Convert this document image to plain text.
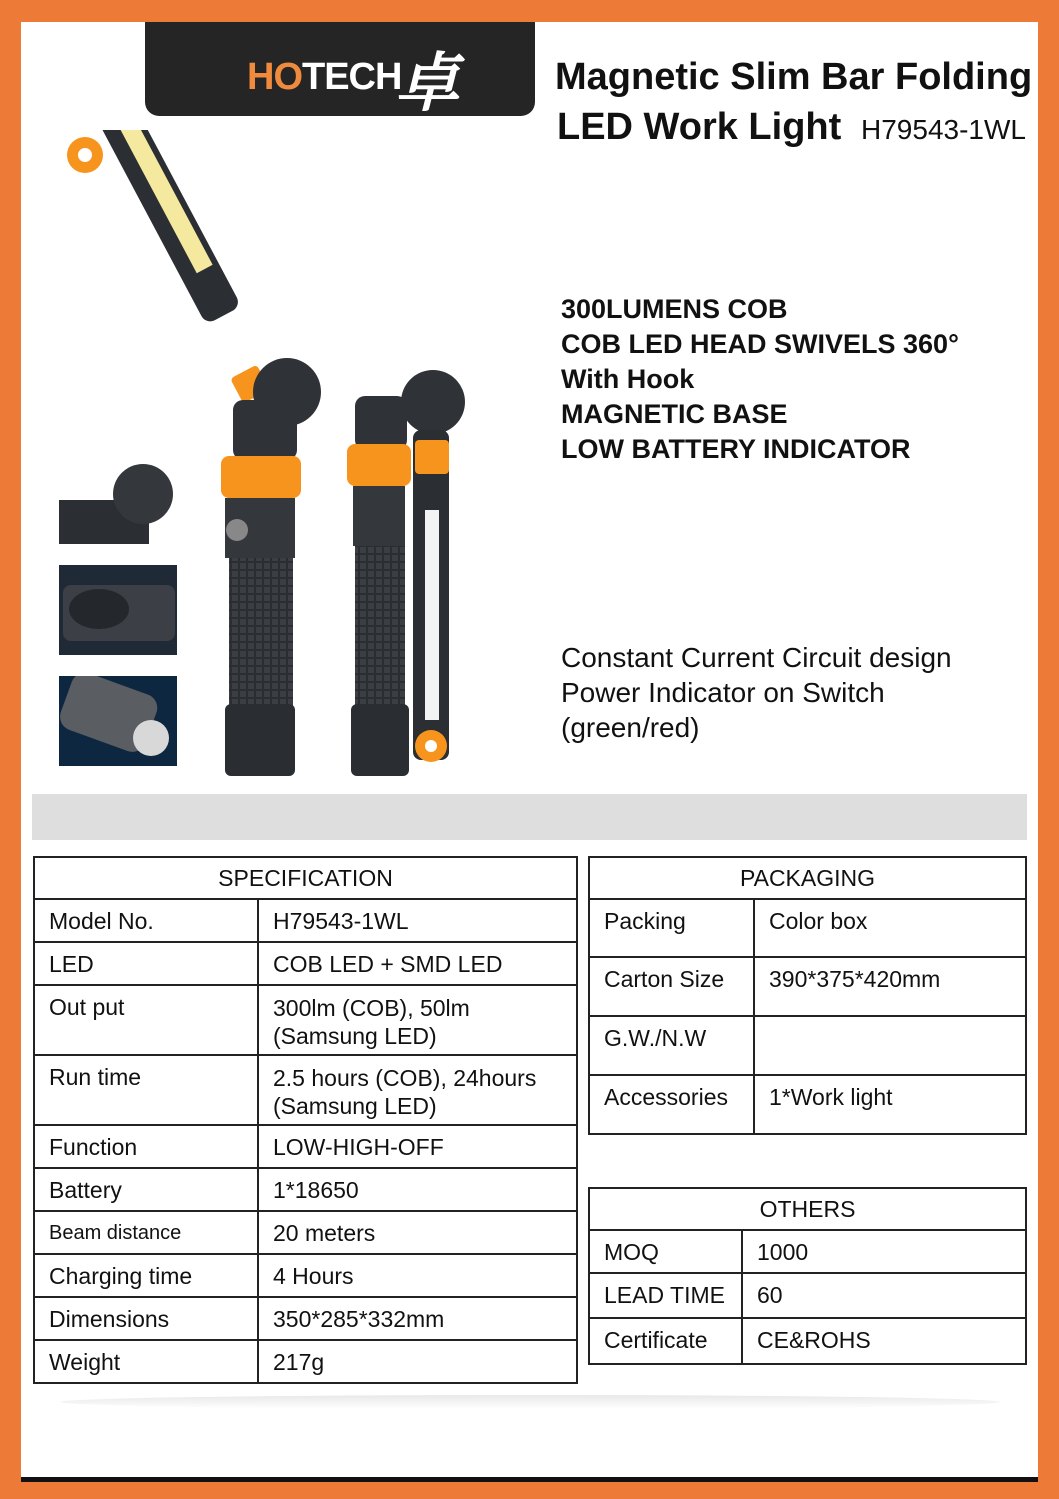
HOTECH
卓	Magnetic Slim Bar Folding
LED Work Light H79543-1WL
300LUMENS COB
COB LED HEAD SWIVELS 360°
With Hook
MAGNETIC BASE
LOW BATTERY INDICATOR
Constant Current Circuit design
Power Indicator on Switch
(green/red)
SPECIFICATION	
Model No.	H79543-1WL
LED	COB LED + SMD LED
Out put	300lm (COB), 50lm (Samsung LED)
Run time	2.5 hours (COB), 24hours (Samsung LED)
Function	LOW-HIGH-OFF
Battery	1*18650
Beam distance	20 meters
Charging time	4 Hours
Dimensions	350*285*332mm
Weight	217g
PACKAGING	
Packing	Color box
Carton Size	390*375*420mm
G.W./N.W	
Accessories	1*Work light
OTHERS	
MOQ	1000
LEAD TIME	60
Certificate	CE&ROHS
